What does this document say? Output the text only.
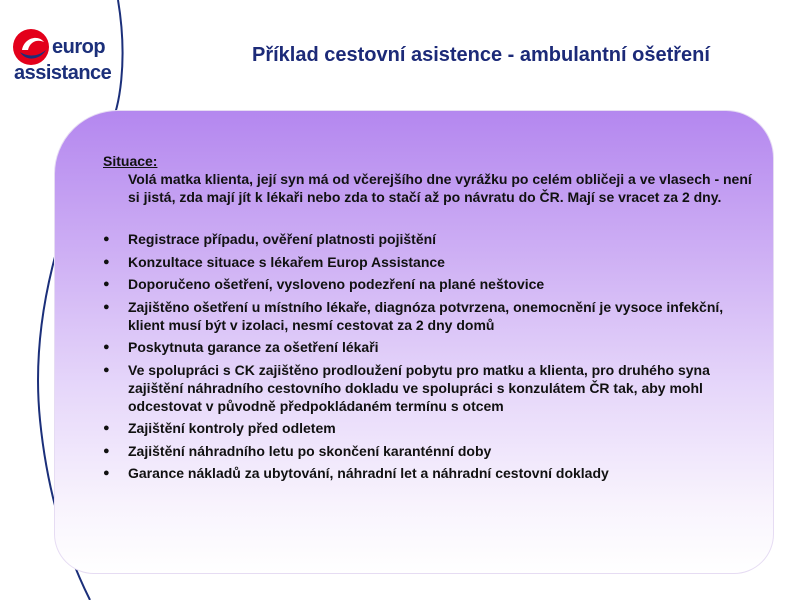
europ
assistance
Příklad cestovní asistence - ambulantní ošetření
Situace:
Volá matka klienta, její syn má od včerejšího dne vyrážku po celém obličeji a ve vlasech - není si jistá, zda mají jít k lékaři nebo zda to stačí až po návratu do ČR. Mají se vracet za 2 dny.
● Registrace případu, ověření platnosti pojištění
● Konzultace situace s lékařem Europ Assistance
● Doporučeno ošetření, vysloveno podezření na plané neštovice
● Zajištěno ošetření u místního lékaře, diagnóza potvrzena, onemocnění je vysoce infekční, klient musí být v izolaci, nesmí cestovat za 2 dny domů
● Poskytnuta garance za ošetření lékaři
● Ve spolupráci s CK zajištěno prodloužení pobytu pro matku a klienta, pro druhého syna zajištění náhradního cestovního dokladu ve spolupráci s konzulátem ČR tak, aby mohl odcestovat v původně předpokládaném termínu s otcem
● Zajištění kontroly před odletem
● Zajištění náhradního letu po skončení karanténní doby
● Garance nákladů za ubytování, náhradní let a náhradní cestovní doklady
